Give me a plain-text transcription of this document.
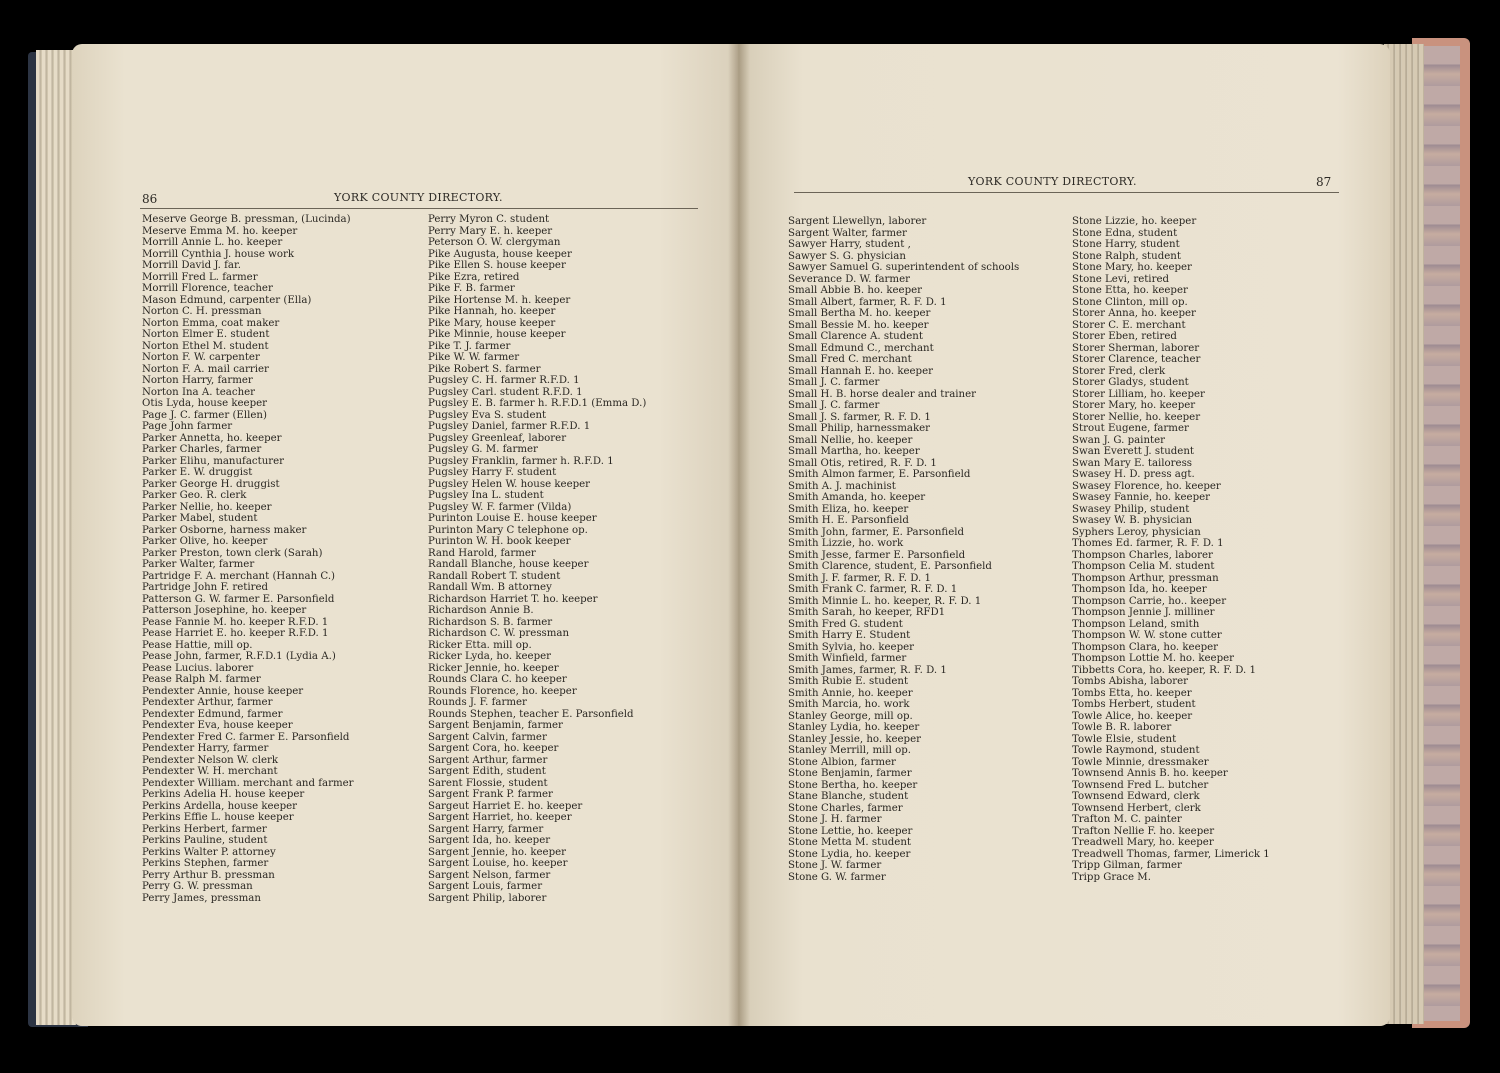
86	YORK COUNTY DIRECTORY.
Meserve George B. pressman, (Lucinda)
Meserve Emma M. ho. keeper
Morrill Annie L. ho. keeper
Morrill Cynthia J. house work
Morrill David J. far.
Morrill Fred L. farmer
Morrill Florence, teacher
Mason Edmund, carpenter (Ella)
Norton C. H. pressman
Norton Emma, coat maker
Norton Elmer E. student
Norton Ethel M. student
Norton F. W. carpenter
Norton F. A. mail carrier
Norton Harry, farmer
Norton Ina A. teacher
Otis Lyda, house keeper
Page J. C. farmer (Ellen)
Page John farmer
Parker Annetta, ho. keeper
Parker Charles, farmer
Parker Elihu, manufacturer
Parker E. W. druggist
Parker George H. druggist
Parker Geo. R. clerk
Parker Nellie, ho. keeper
Parker Mabel, student
Parker Osborne, harness maker
Parker Olive, ho. keeper
Parker Preston, town clerk (Sarah)
Parker Walter, farmer
Partridge F. A. merchant (Hannah C.)
Partridge John F. retired
Patterson G. W. farmer E. Parsonfield
Patterson Josephine, ho. keeper
Pease Fannie M. ho. keeper R.F.D. 1
Pease Harriet E. ho. keeper R.F.D. 1
Pease Hattie, mill op.
Pease John, farmer, R.F.D.1 (Lydia A.)
Pease Lucius. laborer
Pease Ralph M. farmer
Pendexter Annie, house keeper
Pendexter Arthur, farmer
Pendexter Edmund, farmer
Pendexter Eva, house keeper
Pendexter Fred C. farmer E. Parsonfield
Pendexter Harry, farmer
Pendexter Nelson W. clerk
Pendexter W. H. merchant
Pendexter William. merchant and farmer
Perkins Adelia H. house keeper
Perkins Ardella, house keeper
Perkins Effie L. house keeper
Perkins Herbert, farmer
Perkins Pauline, student
Perkins Walter P. attorney
Perkins Stephen, farmer
Perry Arthur B. pressman
Perry G. W. pressman
Perry James, pressman
Perry Myron C. student
Perry Mary E. h. keeper
Peterson O. W. clergyman
Pike Augusta, house keeper
Pike Ellen S. house keeper
Pike Ezra, retired
Pike F. B. farmer
Pike Hortense M. h. keeper
Pike Hannah, ho. keeper
Pike Mary, house keeper
Pike Minnie, house keeper
Pike T. J. farmer
Pike W. W. farmer
Pike Robert S. farmer
Pugsley C. H. farmer R.F.D. 1
Pugsley Carl. student R.F.D. 1
Pugsley E. B. farmer h. R.F.D.1 (Emma D.)
Pugsley Eva S. student
Pugsley Daniel, farmer R.F.D. 1
Pugsley Greenleaf, laborer
Pugsley G. M. farmer
Pugsley Franklin, farmer h. R.F.D. 1
Pugsley Harry F. student
Pugsley Helen W. house keeper
Pugsley Ina L. student
Pugsley W. F. farmer (Vilda)
Purinton Louise E. house keeper
Purinton Mary C telephone op.
Purinton W. H. book keeper
Rand Harold, farmer
Randall Blanche, house keeper
Randall Robert T. student
Randall Wm. B attorney
Richardson Harriet T. ho. keeper
Richardson Annie B.
Richardson S. B. farmer
Richardson C. W. pressman
Ricker Etta. mill op.
Ricker Lyda, ho. keeper
Ricker Jennie, ho. keeper
Rounds Clara C. ho keeper
Rounds Florence, ho. keeper
Rounds J. F. farmer
Rounds Stephen, teacher E. Parsonfield
Sargent Benjamin, farmer
Sargent Calvin, farmer
Sargent Cora, ho. keeper
Sargent Arthur, farmer
Sargent Edith, student
Sarent Flossie, student
Sargent Frank P. farmer
Sargeut Harriet E. ho. keeper
Sargent Harriet, ho. keeper
Sargent Harry, farmer
Sargent Ida, ho. keeper
Sargent Jennie, ho. keeper
Sargent Louise, ho. keeper
Sargent Nelson, farmer
Sargent Louis, farmer
Sargent Philip, laborer
YORK COUNTY DIRECTORY.	87
Sargent Llewellyn, laborer
Sargent Walter, farmer
Sawyer Harry, student ,
Sawyer S. G. physician
Sawyer Samuel G. superintendent of schools
Severance D. W. farmer
Small Abbie B. ho. keeper
Small Albert, farmer, R. F. D. 1
Small Bertha M. ho. keeper
Small Bessie M. ho. keeper
Small Clarence A. student
Small Edmund C., merchant
Small Fred C. merchant
Small Hannah E. ho. keeper
Small J. C. farmer
Small H. B. horse dealer and trainer
Small J. C. farmer
Small J. S. farmer, R. F. D. 1
Small Philip, harnessmaker
Small Nellie, ho. keeper
Small Martha, ho. keeper
Small Otis, retired, R. F. D. 1
Smith Almon farmer, E. Parsonfield
Smith A. J. machinist
Smith Amanda, ho. keeper
Smith Eliza, ho. keeper
Smith H. E. Parsonfield
Smith John, farmer, E. Parsonfield
Smith Lizzie, ho. work
Smith Jesse, farmer E. Parsonfield
Smith Clarence, student, E. Parsonfield
Smith J. F. farmer, R. F. D. 1
Smith Frank C. farmer, R. F. D. 1
Smith Minnie L. ho. keeper, R. F. D. 1
Smith Sarah, ho keeper, RFD1
Smith Fred G. student
Smith Harry E. Student
Smith Sylvia, ho. keeper
Smith Winfield, farmer
Smith James, farmer, R. F. D. 1
Smith Rubie E. student
Smith Annie, ho. keeper
Smith Marcia, ho. work
Stanley George, mill op.
Stanley Lydia, ho. keeper
Stanley Jessie, ho. keeper
Stanley Merrill, mill op.
Stone Albion, farmer
Stone Benjamin, farmer
Stone Bertha, ho. keeper
Stane Blanche, student
Stone Charles, farmer
Stone J. H. farmer
Stone Lettie, ho. keeper
Stone Metta M. student
Stone Lydia, ho. keeper
Stone J. W. farmer
Stone G. W. farmer
Stone Lizzie, ho. keeper
Stone Edna, student
Stone Harry, student
Stone Ralph, student
Stone Mary, ho. keeper
Stone Levi, retired
Stone Etta, ho. keeper
Stone Clinton, mill op.
Storer Anna, ho. keeper
Storer C. E. merchant
Storer Eben, retired
Storer Sherman, laborer
Storer Clarence, teacher
Storer Fred, clerk
Storer Gladys, student
Storer Lilliam, ho. keeper
Storer Mary, ho. keeper
Storer Nellie, ho. keeper
Strout Eugene, farmer
Swan J. G. painter
Swan Everett J. student
Swan Mary E. tailoress
Swasey H. D. press agt.
Swasey Florence, ho. keeper
Swasey Fannie, ho. keeper
Swasey Philip, student
Swasey W. B. physician
Syphers Leroy, physician
Thomes Ed. farmer, R. F. D. 1
Thompson Charles, laborer
Thompson Celia M. student
Thompson Arthur, pressman
Thompson Ida, ho. keeper
Thompson Carrie, ho.. keeper
Thompson Jennie J. milliner
Thompson Leland, smith
Thompson W. W. stone cutter
Thompson Clara, ho. keeper
Thompson Lottie M. ho. keeper
Tibbetts Cora, ho. keeper, R. F. D. 1
Tombs Abisha, laborer
Tombs Etta, ho. keeper
Tombs Herbert, student
Towle Alice, ho. keeper
Towle B. R. laborer
Towle Elsie, student
Towle Raymond, student
Towle Minnie, dressmaker
Townsend Annis B. ho. keeper
Townsend Fred L. butcher
Townsend Edward, clerk
Townsend Herbert, clerk
Trafton M. C. painter
Trafton Nellie F. ho. keeper
Treadwell Mary, ho. keeper
Treadwell Thomas, farmer, Limerick 1
Tripp Gilman, farmer
Tripp Grace M.
